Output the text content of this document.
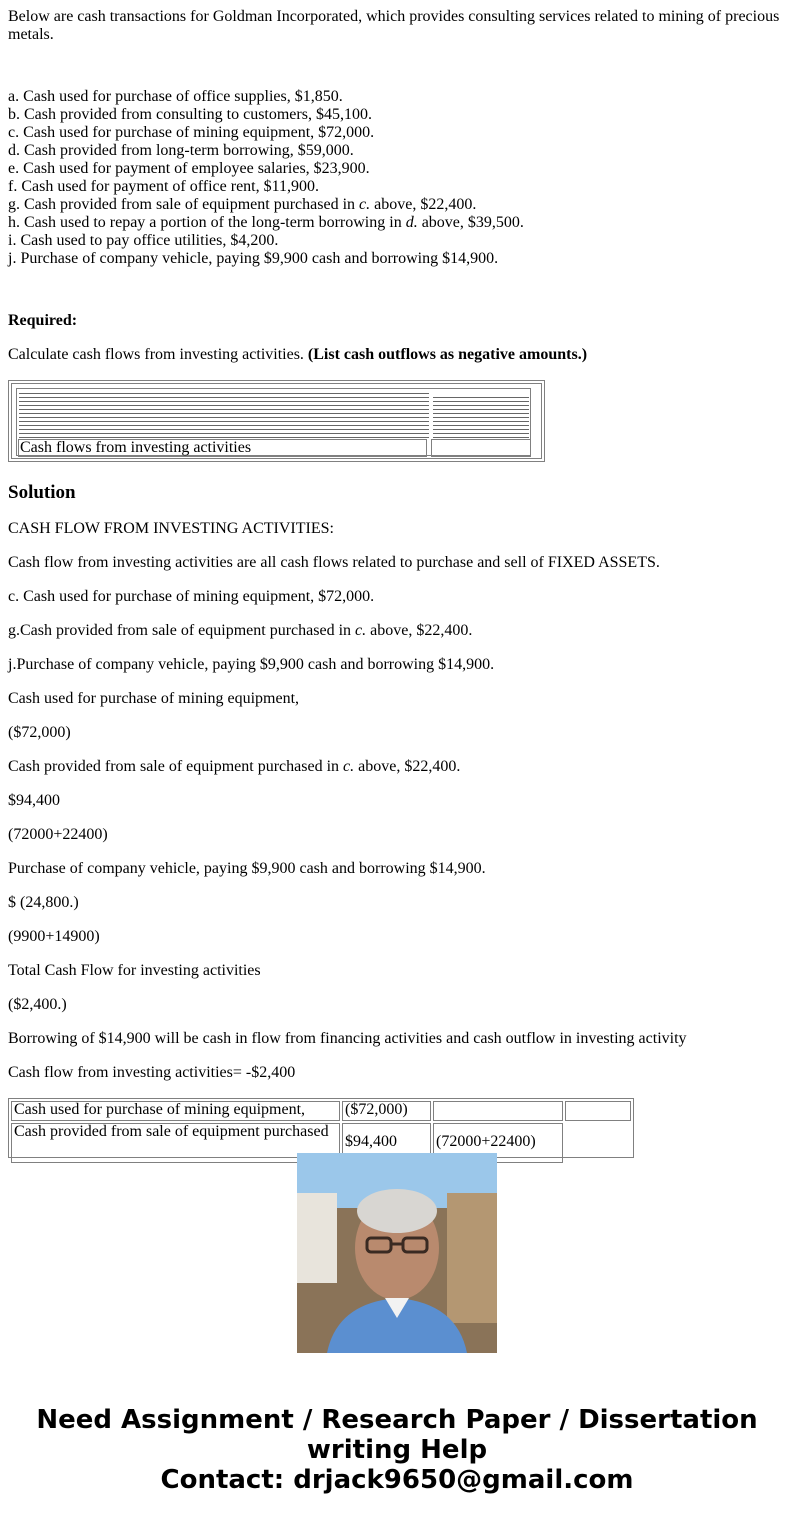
Below are cash transactions for Goldman Incorporated, which provides consulting services related to mining of precious metals.

a. Cash used for purchase of office supplies, $1,850.

b. Cash provided from consulting to customers, $45,100.

c. Cash used for purchase of mining equipment, $72,000.

d. Cash provided from long-term borrowing, $59,000.

e. Cash used for payment of employee salaries, $23,900.

f. Cash used for payment of office rent, $11,900.

g. Cash provided from sale of equipment purchased in c. above, $22,400.

h. Cash used to repay a portion of the long-term borrowing in d. above, $39,500.

i. Cash used to pay office utilities, $4,200.

j. Purchase of company vehicle, paying $9,900 cash and borrowing $14,900.

Required:

Calculate cash flows from investing activities. (List cash outflows as negative amounts.)

Cash flows from investing activities
Solution

CASH FLOW FROM INVESTING ACTIVITIES:

Cash flow from investing activities are all cash flows related to purchase and sell of FIXED ASSETS.

c. Cash used for purchase of mining equipment, $72,000.

g.Cash provided from sale of equipment purchased in c. above, $22,400.

j.Purchase of company vehicle, paying $9,900 cash and borrowing $14,900.

Cash used for purchase of mining equipment,

($72,000)

Cash provided from sale of equipment purchased in c. above, $22,400.

$94,400

(72000+22400)

Purchase of company vehicle, paying $9,900 cash and borrowing $14,900.

$ (24,800.)

(9900+14900)

Total Cash Flow for investing activities

($2,400.)

Borrowing of $14,900 will be cash in flow from financing activities and cash outflow in investing activity

Cash flow from investing activities= -$2,400

Cash used for purchase of mining equipment,	($72,000)
Cash provided from sale of equipment purchased
$94,400	(72000+22400)
Need Assignment / Research Paper / Dissertation
writing Help
Contact: drjack9650@gmail.com
